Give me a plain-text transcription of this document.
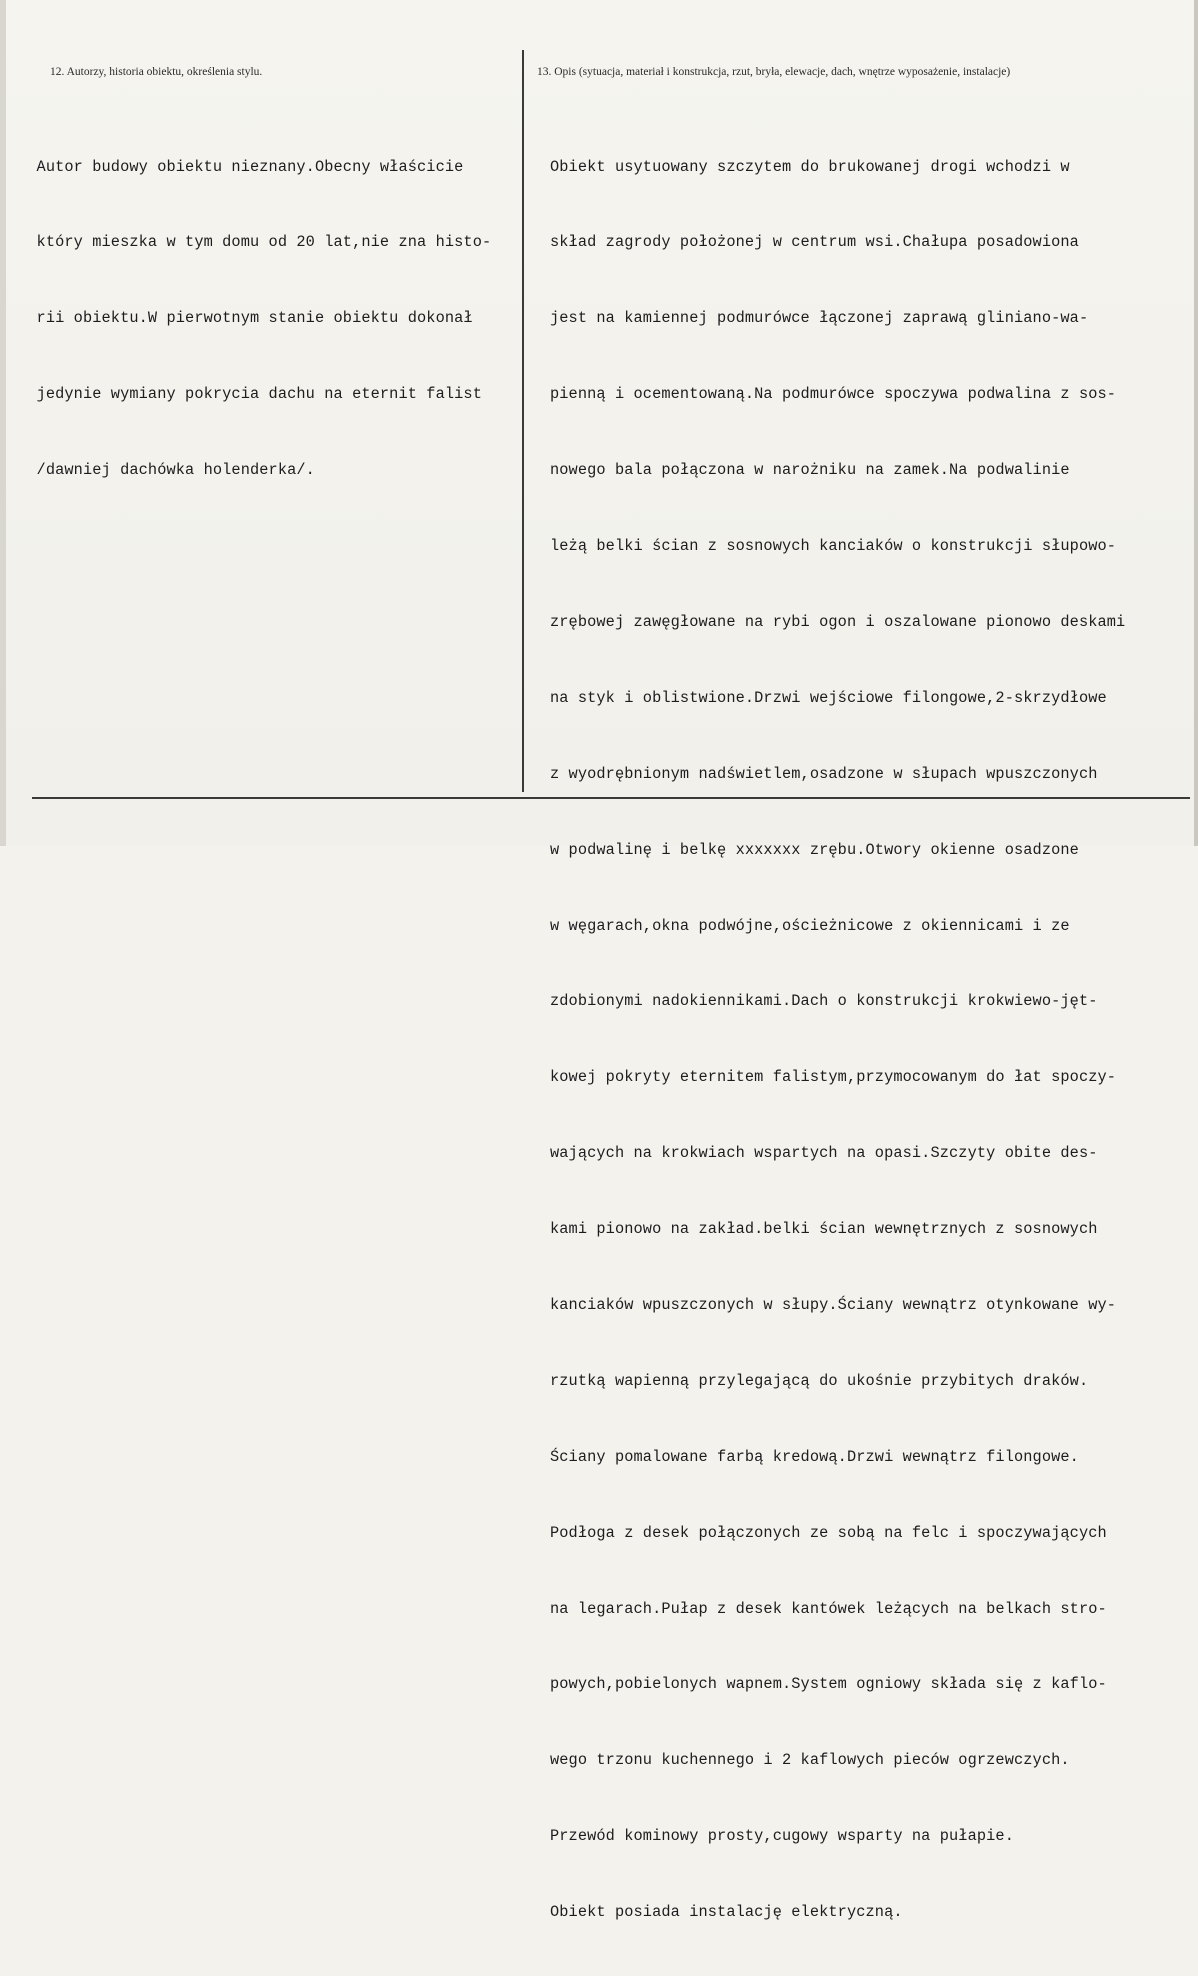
12. Autorzy, historia obiektu, określenia stylu.	13. Opis (sytuacja, materiał i konstrukcja, rzut, bryła, elewacje, dach, wnętrze wyposażenie, instalacje)

Autor budowy obiektu nieznany.Obecny właścicie

który mieszka w tym domu od 20 lat,nie zna histo-

rii obiektu.W pierwotnym stanie obiektu dokonał

jedynie wymiany pokrycia dachu na eternit falist

/dawniej dachówka holenderka/.

Obiekt usytuowany szczytem do brukowanej drogi wchodzi w

skład zagrody położonej w centrum wsi.Chałupa posadowiona

jest na kamiennej podmurówce łączonej zaprawą gliniano-wa-

pienną i ocementowaną.Na podmurówce spoczywa podwalina z sos-

nowego bala połączona w narożniku na zamek.Na podwalinie

leżą belki ścian z sosnowych kanciaków o konstrukcji słupowo-

zrębowej zawęgłowane na rybi ogon i oszalowane pionowo deskami

na styk i oblistwione.Drzwi wejściowe filongowe,2-skrzydłowe

z wyodrębnionym nadświetlem,osadzone w słupach wpuszczonych

w podwalinę i belkę xxxxxxx zrębu.Otwory okienne osadzone

w węgarach,okna podwójne,ościeżnicowe z okiennicami i ze

zdobionymi nadokiennikami.Dach o konstrukcji krokwiewo-jęt-

kowej pokryty eternitem falistym,przymocowanym do łat spoczy-

wających na krokwiach wspartych na opasi.Szczyty obite des-

kami pionowo na zakład.belki ścian wewnętrznych z sosnowych

kanciaków wpuszczonych w słupy.Ściany wewnątrz otynkowane wy-

rzutką wapienną przylegającą do ukośnie przybitych draków.

Ściany pomalowane farbą kredową.Drzwi wewnątrz filongowe.

Podłoga z desek połączonych ze sobą na felc i spoczywających

na legarach.Pułap z desek kantówek leżących na belkach stro-

powych,pobielonych wapnem.System ogniowy składa się z kaflo-

wego trzonu kuchennego i 2 kaflowych pieców ogrzewczych.

Przewód kominowy prosty,cugowy wsparty na pułapie.

Obiekt posiada instalację elektryczną.
